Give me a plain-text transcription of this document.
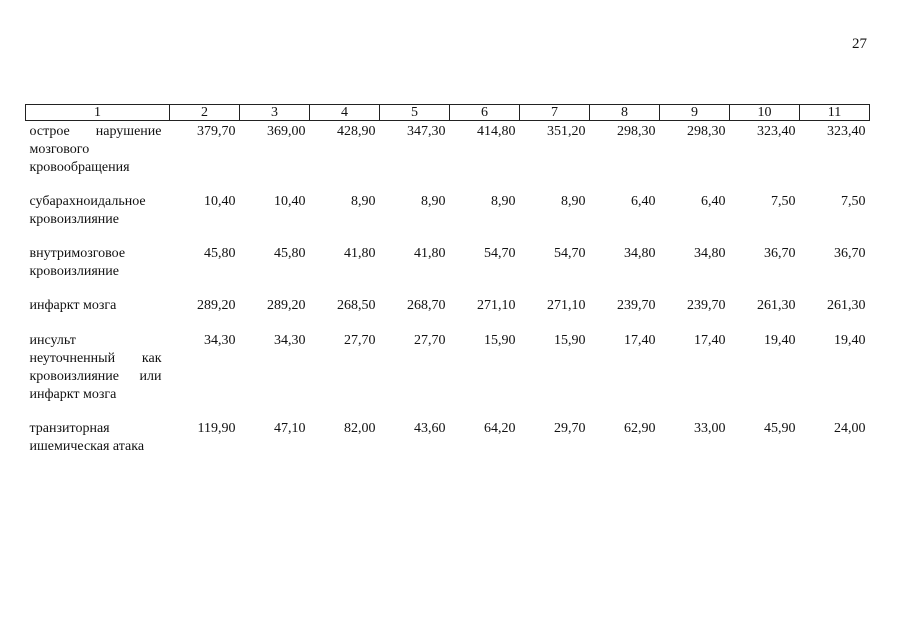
27
1	2	3	4	5	6	7	8	9	10	11
острое нарушение мозгового кровообращения	379,70	369,00	428,90	347,30	414,80	351,20	298,30	298,30	323,40	323,40
субарахноидальное кровоизлияние	10,40	10,40	8,90	8,90	8,90	8,90	6,40	6,40	7,50	7,50
внутримозговое кровоизлияние	45,80	45,80	41,80	41,80	54,70	54,70	34,80	34,80	36,70	36,70
инфаркт мозга	289,20	289,20	268,50	268,70	271,10	271,10	239,70	239,70	261,30	261,30
инсульт неуточненный как кровоизлияние или инфаркт мозга	34,30	34,30	27,70	27,70	15,90	15,90	17,40	17,40	19,40	19,40
транзиторная ишемическая атака	119,90	47,10	82,00	43,60	64,20	29,70	62,90	33,00	45,90	24,00
